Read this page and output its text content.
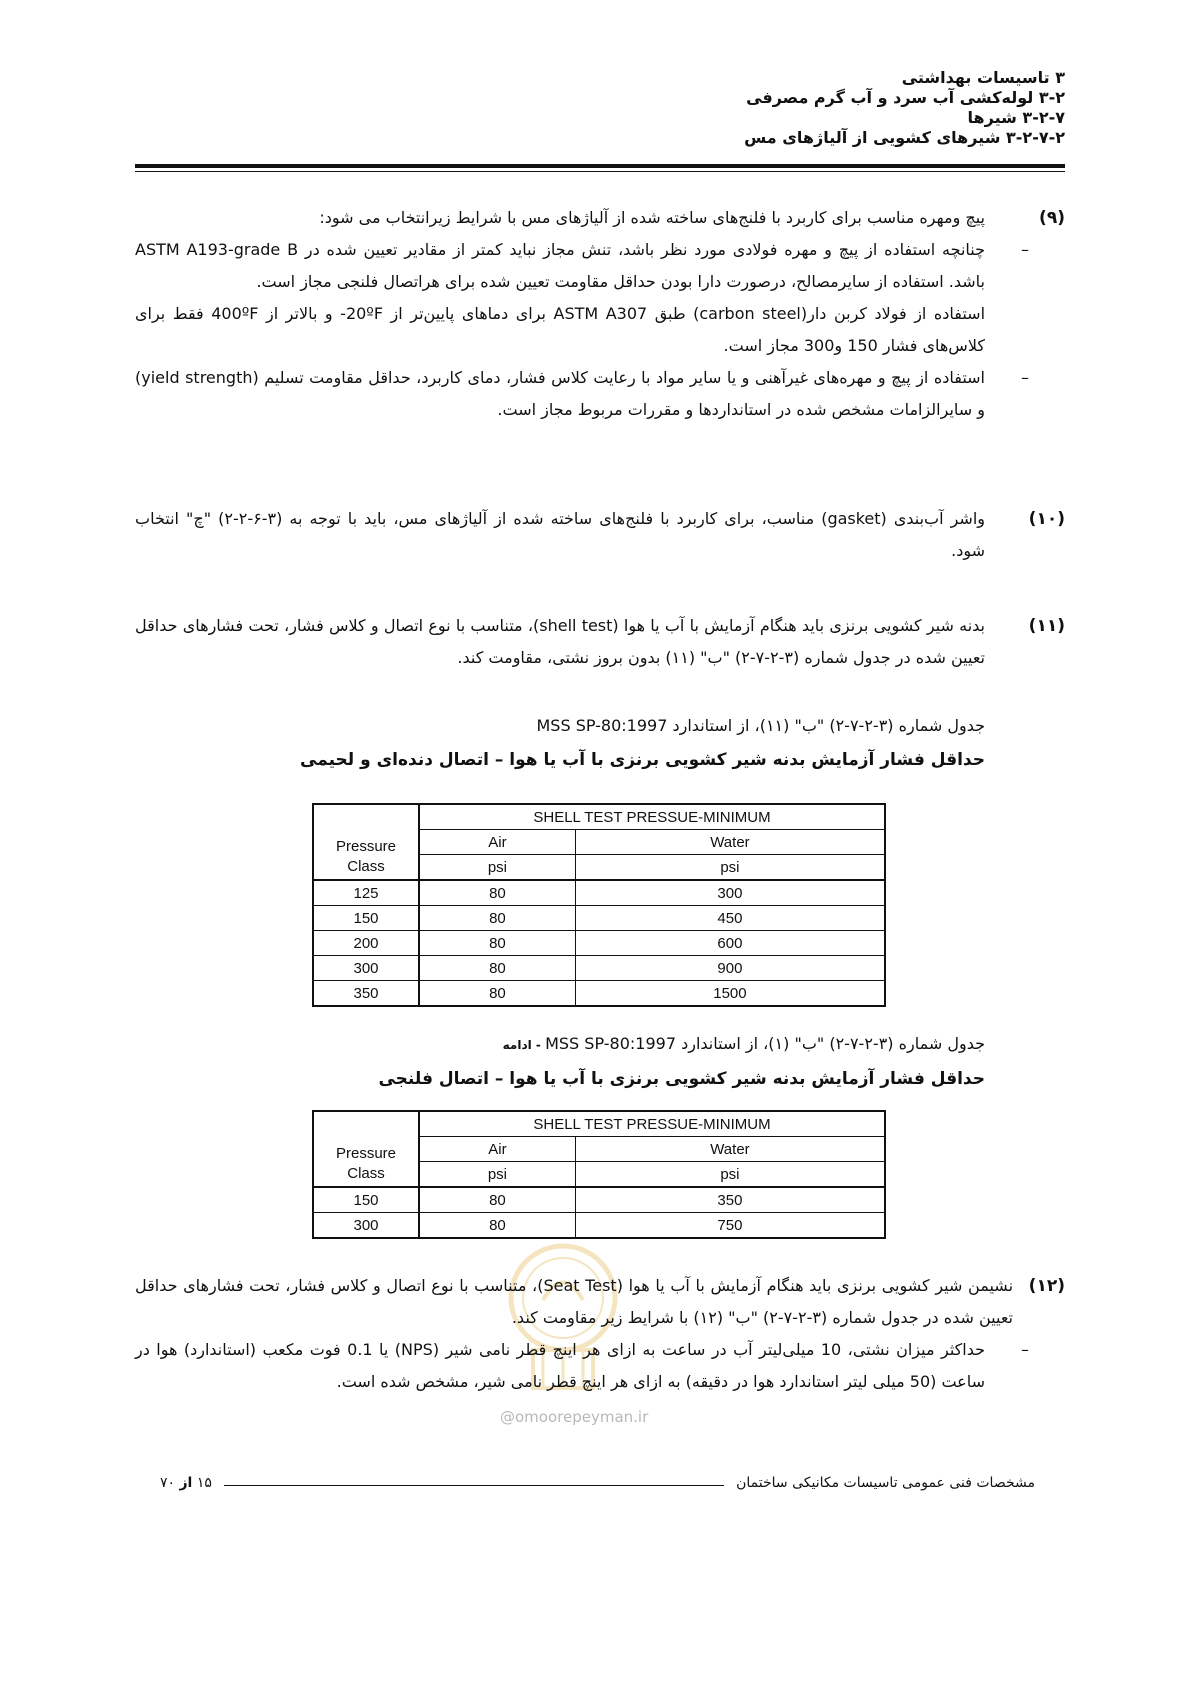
۳ تاسیسات بهداشتی
۳-۲ لوله‌کشی آب سرد و آب گرم مصرفی
۳-۲-۷ شیرها
۳-۲-۷-۲ شیرهای کشویی از آلیاژهای مس
(۹)

پیچ ومهره مناسب برای کاربرد با فلنج‌های ساخته شده از آلیاژهای مس با شرایط زیرانتخاب می شود:

–

چنانچه استفاده از پیچ و مهره فولادی مورد نظر باشد، تنش مجاز نباید کمتر از مقادیر تعیین شده در ASTM A193-grade B باشد. استفاده از سایرمصالح، درصورت دارا بودن حداقل مقاومت تعیین شده برای هراتصال فلنجی مجاز است.

استفاده از فولاد کربن دار(carbon steel) طبق ASTM A307 برای دماهای پایین‌تر از 20ºF- و بالاتر از 400ºF فقط برای کلاس‌های فشار 150 و300 مجاز است.

–

استفاده از پیچ و مهره‌های غیرآهنی و یا سایر مواد با رعایت کلاس فشار، دمای کاربرد، حداقل مقاومت تسلیم (yield strength) و سایرالزامات مشخص شده در استانداردها و مقررات مربوط مجاز است.

(۱۰)

واشر آب‌بندی (gasket) مناسب، برای کاربرد با فلنج‌های ساخته شده از آلیاژهای مس، باید با توجه به (۳-۶-۲-۲) "چ" انتخاب شود.

(۱۱)

بدنه شیر کشویی برنزی باید هنگام آزمایش با آب یا هوا (shell test)، متناسب با نوع اتصال و کلاس فشار، تحت فشارهای حداقل تعیین شده در جدول شماره (۳-۲-۷-۲) "ب" (۱۱) بدون بروز نشتی، مقاومت کند.

جدول شماره (۳-۲-۷-۲) "ب" (۱۱)، از استاندارد MSS SP-80:1997

حداقل فشار آزمایش بدنه شیر کشویی برنزی با آب یا هوا – اتصال دنده‌ای و لحیمی

Pressure	SHELL TEST PRESSUE-MINIMUM	
	Air	Water
Class	psi	psi
125	80	300
150	80	450
200	80	600
300	80	900
350	80	1500

جدول شماره (۳-۲-۷-۲) "ب" (۱)، از استاندارد MSS SP-80:1997 - ادامه

حداقل فشار آزمایش بدنه شیر کشویی برنزی با آب یا هوا – اتصال فلنجی

Pressure	SHELL TEST PRESSUE-MINIMUM	
	Air	Water
Class	psi	psi
150	80	350
300	80	750
(۱۲)

نشیمن شیر کشویی برنزی باید هنگام آزمایش با آب یا هوا (Seat Test)، متناسب با نوع اتصال و کلاس فشار، تحت فشارهای حداقل تعیین شده در جدول شماره (۳-۲-۷-۲) "ب" (۱۲) با شرایط زیر مقاومت کند.

–

حداکثر میزان نشتی، 10 میلی‌لیتر آب در ساعت به ازای هر اینچ قطر نامی شیر (NPS) یا 0.1 فوت مکعب (استاندارد) هوا در ساعت (50 میلی لیتر استاندارد هوا در دقیقه) به ازای هر اینچ قطر نامی شیر، مشخص شده است.

@omoorepeyman.ir
مشخصات فنی عمومی تاسیسات مکانیکی ساختمان
۱۵ از ۷۰
